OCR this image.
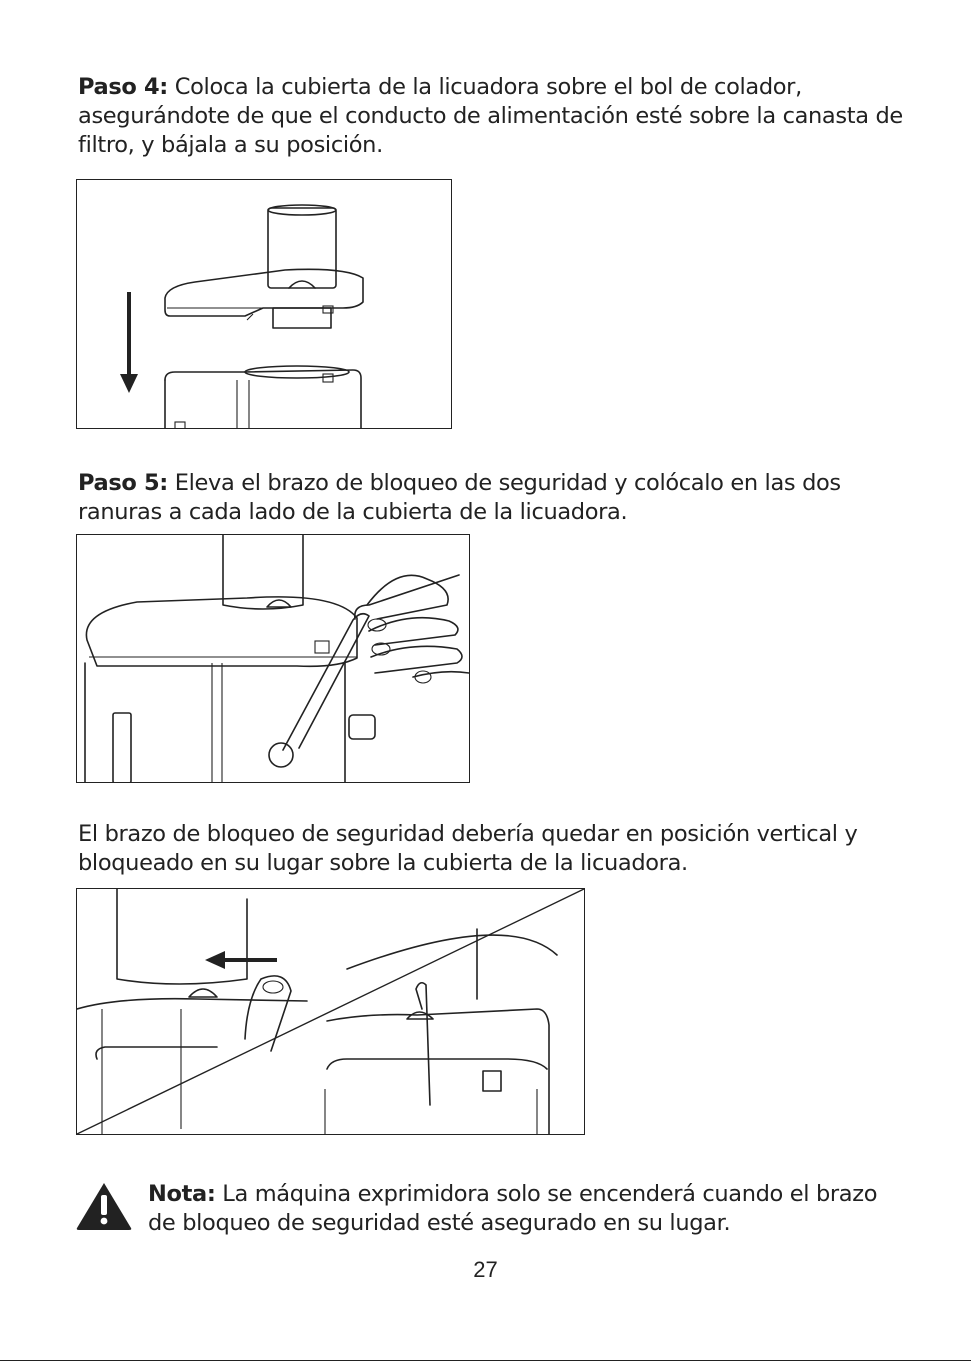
Paso 4: Coloca la cubierta de la licuadora sobre el bol de colador, asegurándote de que el conducto de alimentación esté sobre la canasta de filtro, y bájala a su posición.
Paso 5: Eleva el brazo de bloqueo de seguridad y colócalo en las dos ranuras a cada lado de la cubierta de la licuadora.
El brazo de bloqueo de seguridad debería quedar en posición vertical y bloqueado en su lugar sobre la cubierta de la licuadora.
Nota: La máquina exprimidora solo se encenderá cuando el brazo de bloqueo de seguridad esté asegurado en su lugar.
27
